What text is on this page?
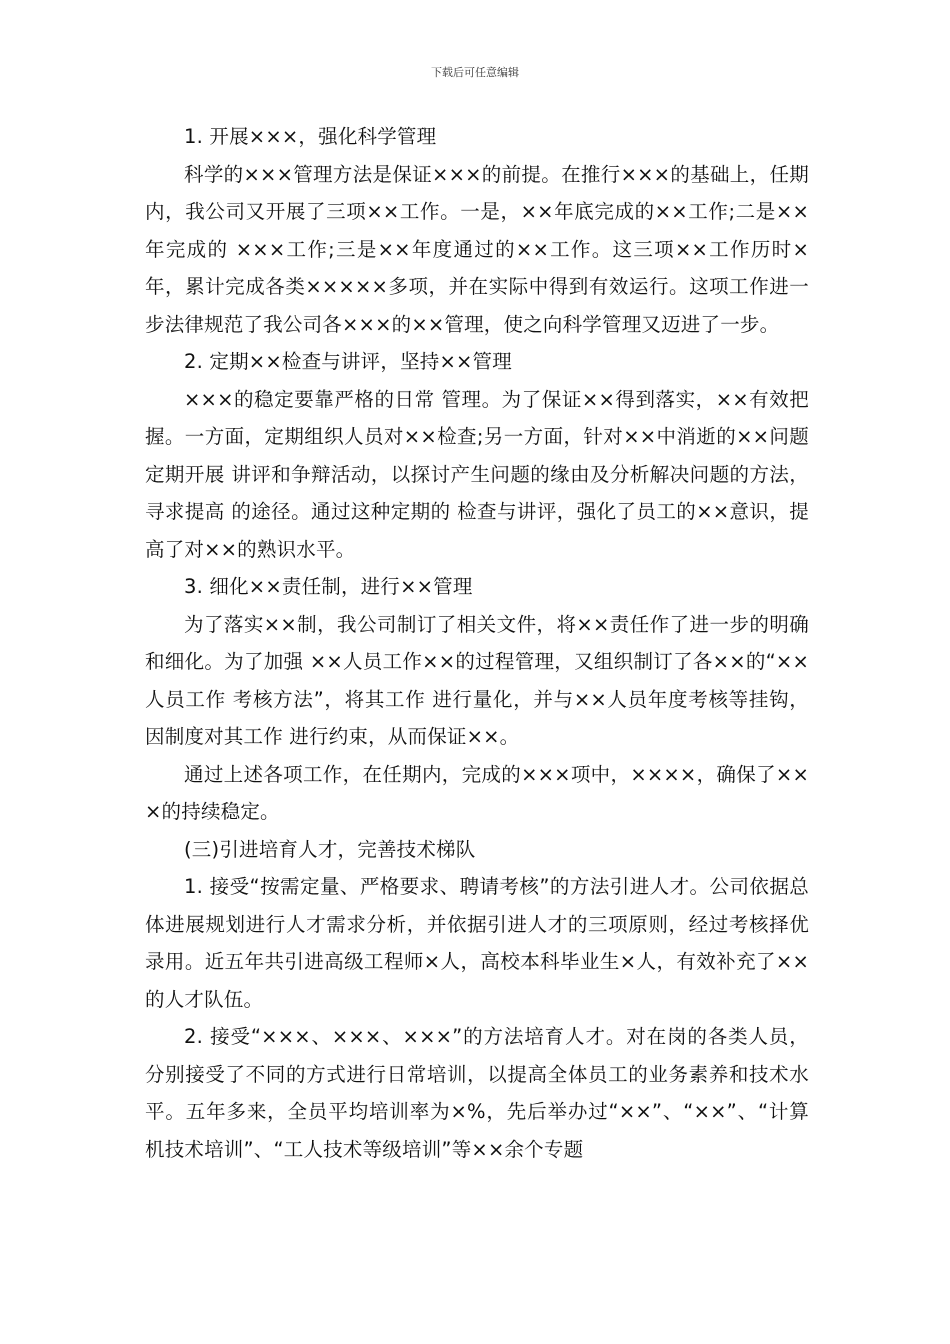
下载后可任意编辑

1. 开展×××，强化科学管理

科学的×××管理方法是保证×××的前提。在推行×××的基础上，任期内，我公司又开展了三项××工作。一是，××年底完成的××工作;二是××年完成的 ×××工作;三是××年度通过的××工作。这三项××工作历时×年，累计完成各类×××××多项，并在实际中得到有效运行。这项工作进一步法律规范了我公司各×××的××管理，使之向科学管理又迈进了一步。

2. 定期××检查与讲评，坚持××管理

×××的稳定要靠严格的日常 管理。为了保证××得到落实，××有效把握。一方面，定期组织人员对××检查;另一方面，针对××中消逝的××问题定期开展 讲评和争辩活动，以探讨产生问题的缘由及分析解决问题的方法，寻求提高 的途径。通过这种定期的 检查与讲评，强化了员工的××意识，提高了对××的熟识水平。

3. 细化××责任制，进行××管理

为了落实××制，我公司制订了相关文件，将××责任作了进一步的明确和细化。为了加强 ××人员工作××的过程管理，又组织制订了各××的“××人员工作 考核方法”，将其工作 进行量化，并与××人员年度考核等挂钩，因制度对其工作 进行约束，从而保证××。

通过上述各项工作，在任期内，完成的×××项中，××××，确保了×××的持续稳定。

(三)引进培育人才，完善技术梯队

1. 接受“按需定量、严格要求、聘请考核”的方法引进人才。公司依据总体进展规划进行人才需求分析，并依据引进人才的三项原则，经过考核择优录用。近五年共引进高级工程师×人，高校本科毕业生×人，有效补充了××的人才队伍。

2. 接受“×××、×××、×××”的方法培育人才。对在岗的各类人员，分别接受了不同的方式进行日常培训，以提高全体员工的业务素养和技术水平。五年多来，全员平均培训率为×%，先后举办过“××”、“××”、“计算机技术培训”、“工人技术等级培训”等××余个专题
